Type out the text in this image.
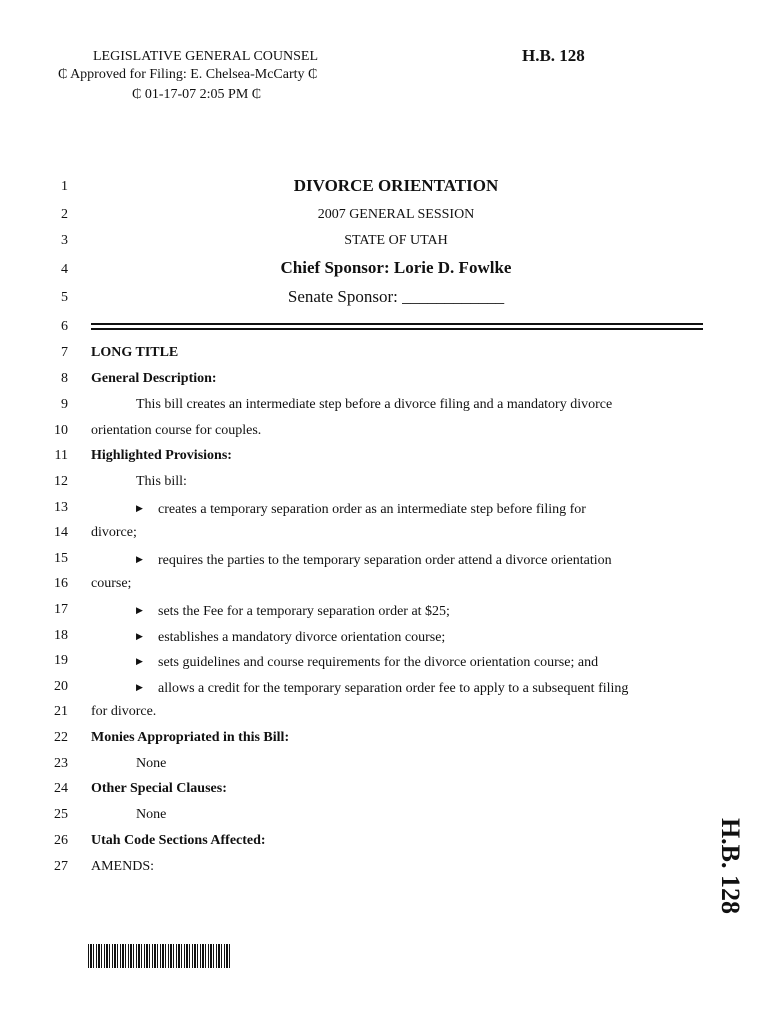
LEGISLATIVE GENERAL COUNSEL
₵ Approved for Filing: E. Chelsea-McCarty ₵
₵ 01-17-07 2:05 PM ₵
H.B. 128
1
2
3
4
5
6
7
8
9
10
11
12
13
14
15
16
17
18
19
20
21
22
23
24
25
26
27
DIVORCE ORIENTATION
2007 GENERAL SESSION
STATE OF UTAH
Chief Sponsor: Lorie D. Fowlke
Senate Sponsor: ____________
LONG TITLE
General Description:
This bill creates an intermediate step before a divorce filing and a mandatory divorce
orientation course for couples.
Highlighted Provisions:
This bill:
▶ creates a temporary separation order as an intermediate step before filing for
divorce;
▶ requires the parties to the temporary separation order attend a divorce orientation
course;
▶ sets the Fee for a temporary separation order at $25;
▶ establishes a mandatory divorce orientation course;
▶ sets guidelines and course requirements for the divorce orientation course; and
▶ allows a credit for the temporary separation order fee to apply to a subsequent filing
for divorce.
Monies Appropriated in this Bill:
None
Other Special Clauses:
None
Utah Code Sections Affected:
AMENDS:	H.B. 128
